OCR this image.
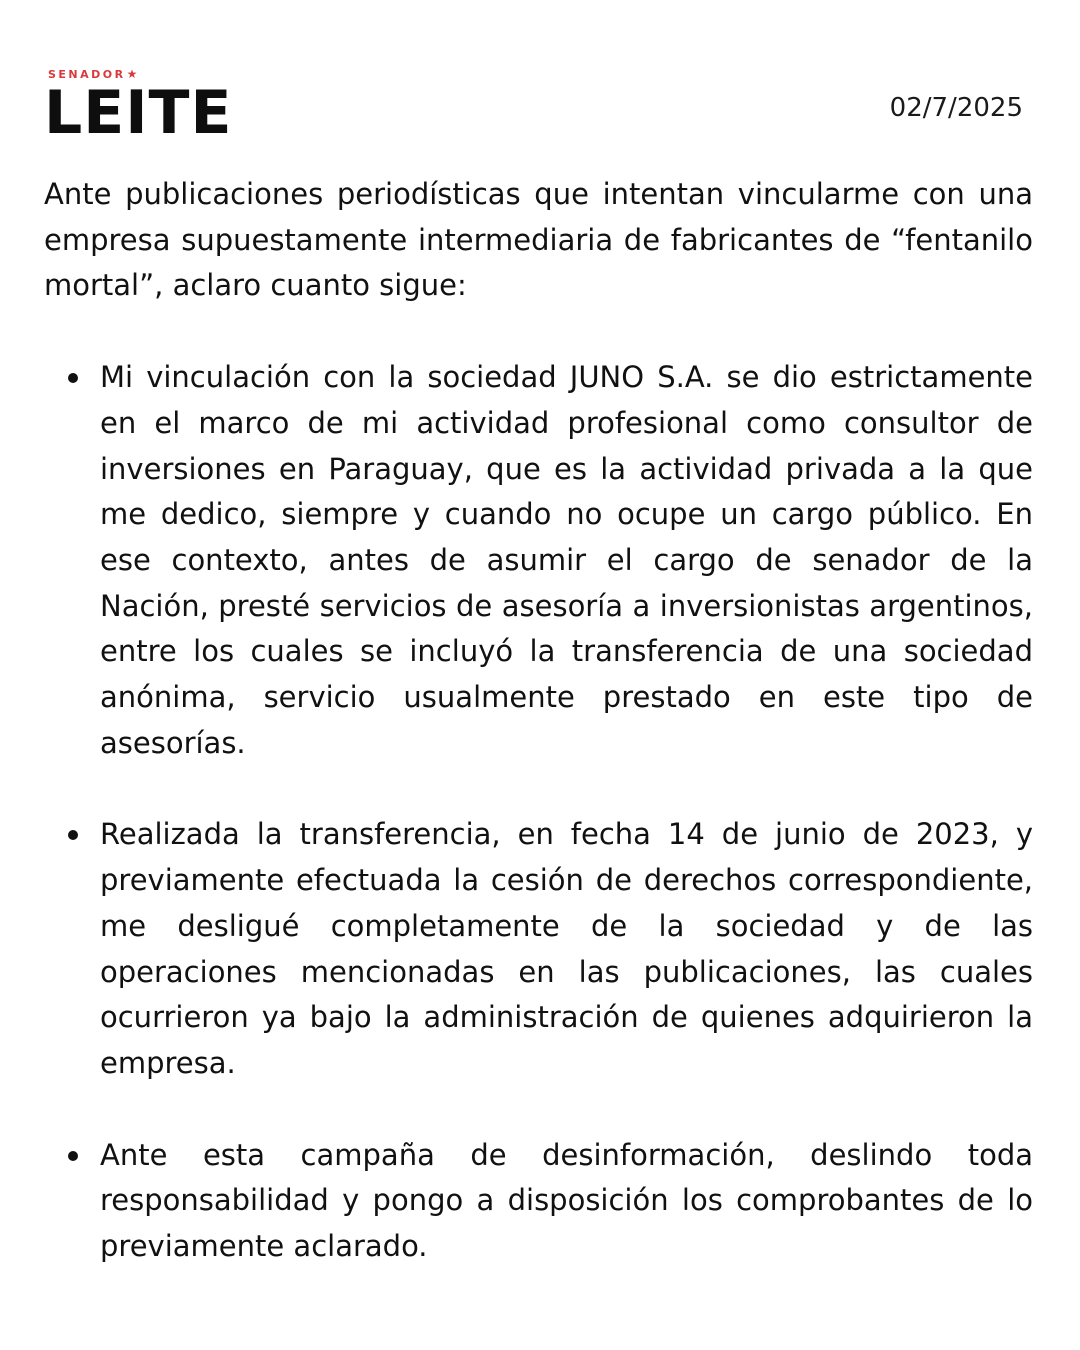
SENADOR★
LEITE	02/7/2025

Ante publicaciones periodísticas que intentan vincularme con una empresa supuestamente intermediaria de fabricantes de “fentanilo mortal”, aclaro cuanto sigue:

Mi vinculación con la sociedad JUNO S.A. se dio estrictamente en el marco de mi actividad profesional como consultor de inversiones en Paraguay, que es la actividad privada a la que me dedico, siempre y cuando no ocupe un cargo público. En ese contexto, antes de asumir el cargo de senador de la Nación, presté servicios de asesoría a inversionistas argentinos, entre los cuales se incluyó la transferencia de una sociedad anónima, servicio usualmente prestado en este tipo de asesorías.
Realizada la transferencia, en fecha 14 de junio de 2023, y previamente efectuada la cesión de derechos correspondiente, me desligué completamente de la sociedad y de las operaciones mencionadas en las publicaciones, las cuales ocurrieron ya bajo la administración de quienes adquirieron la empresa.
Ante esta campaña de desinformación, deslindo toda responsabilidad y pongo a disposición los comprobantes de lo previamente aclarado.
